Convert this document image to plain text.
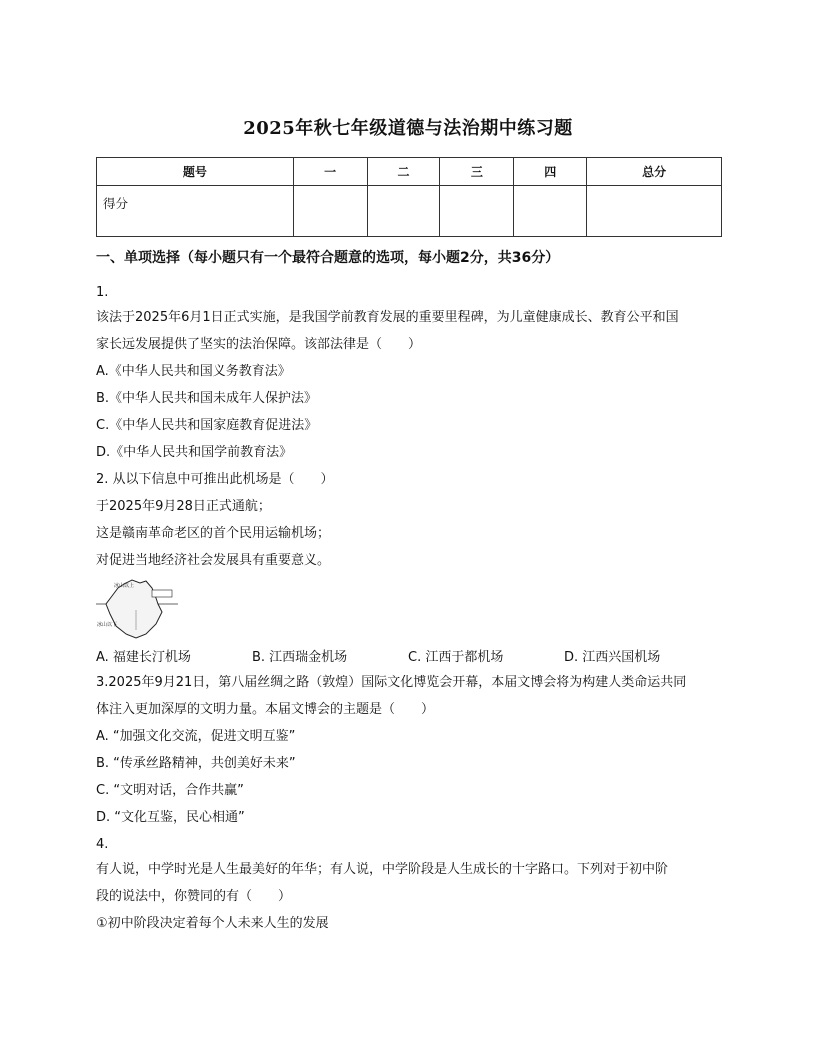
2025年秋七年级道德与法治期中练习题
题号	一	二	三	四	总分
得分					
一、单项选择（每小题只有一个最符合题意的选项，每小题2分，共36分）
1.
该法于2025年6月1日正式实施，是我国学前教育发展的重要里程碑，为儿童健康成长、教育公平和国
家长远发展提供了坚实的法治保障。该部法律是（　　）
A.《中华人民共和国义务教育法》
B.《中华人民共和国未成年人保护法》
C.《中华人民共和国家庭教育促进法》
D.《中华人民共和国学前教育法》
2. 从以下信息中可推出此机场是（　　）
于2025年9月28日正式通航；
这是赣南革命老区的首个民用运输机场；
对促进当地经济社会发展具有重要意义。
冰山以上
冰山以下
A. 福建长汀机场	B. 江西瑞金机场	C. 江西于都机场	D. 江西兴国机场
3.2025年9月21日，第八届丝绸之路（敦煌）国际文化博览会开幕，本届文博会将为构建人类命运共同
体注入更加深厚的文明力量。本届文博会的主题是（　　）
A. “加强文化交流，促进文明互鉴”
B. “传承丝路精神，共创美好未来”
C. “文明对话，合作共赢”
D. “文化互鉴，民心相通”
4.
有人说，中学时光是人生最美好的年华；有人说，中学阶段是人生成长的十字路口。下列对于初中阶
段的说法中，你赞同的有（　　）
①初中阶段决定着每个人未来人生的发展
